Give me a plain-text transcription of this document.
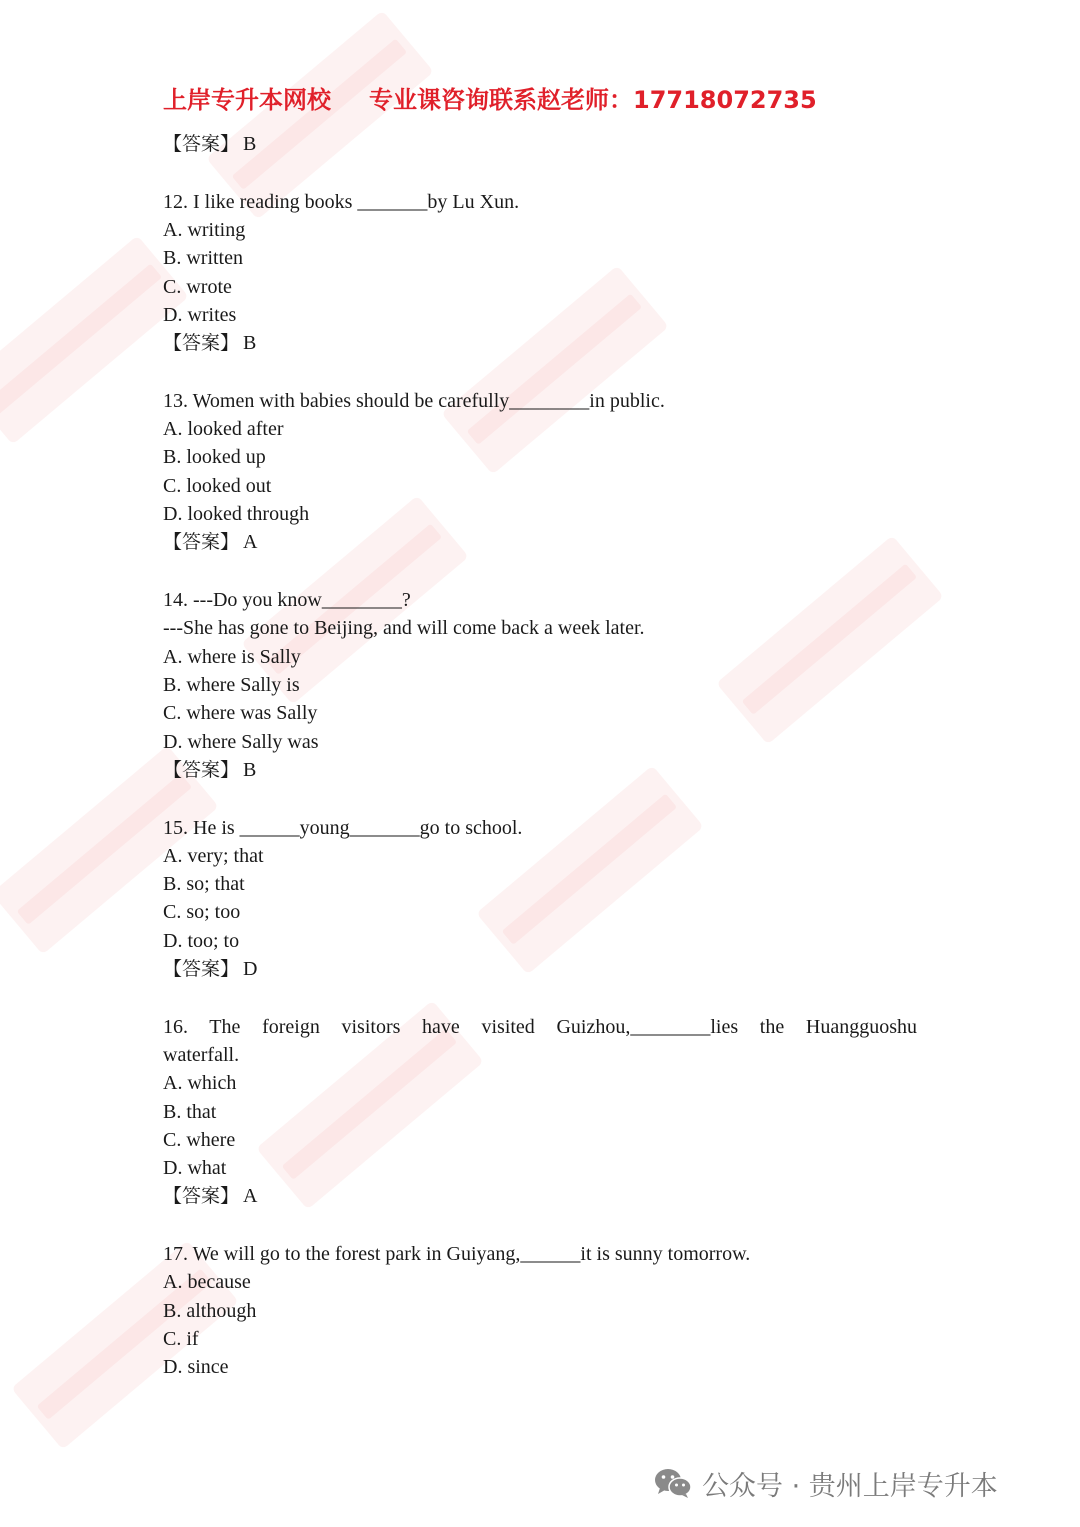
上岸专升本网校 专业课咨询联系赵老师：17718072735
【答案】 B
12. I like reading books _______by Lu Xun.
A. writing
B. written
C. wrote
D. writes
【答案】 B
13. Women with babies should be carefully________in public.
A. looked after
B. looked up
C. looked out
D. looked through
【答案】 A
14. ---Do you know________?
---She has gone to Beijing, and will come back a week later.
A. where is Sally
B. where Sally is
C. where was Sally
D. where Sally was
【答案】 B
15. He is ______young_______go to school.
A. very; that
B. so; that
C. so; too
D. too; to
【答案】 D
16. The foreign visitors have visited Guizhou,________lies the Huangguoshu
waterfall.
A. which
B. that
C. where
D. what
【答案】 A
17. We will go to the forest park in Guiyang,______it is sunny tomorrow.
A. because
B. although
C. if
D. since
公众号 · 贵州上岸专升本
